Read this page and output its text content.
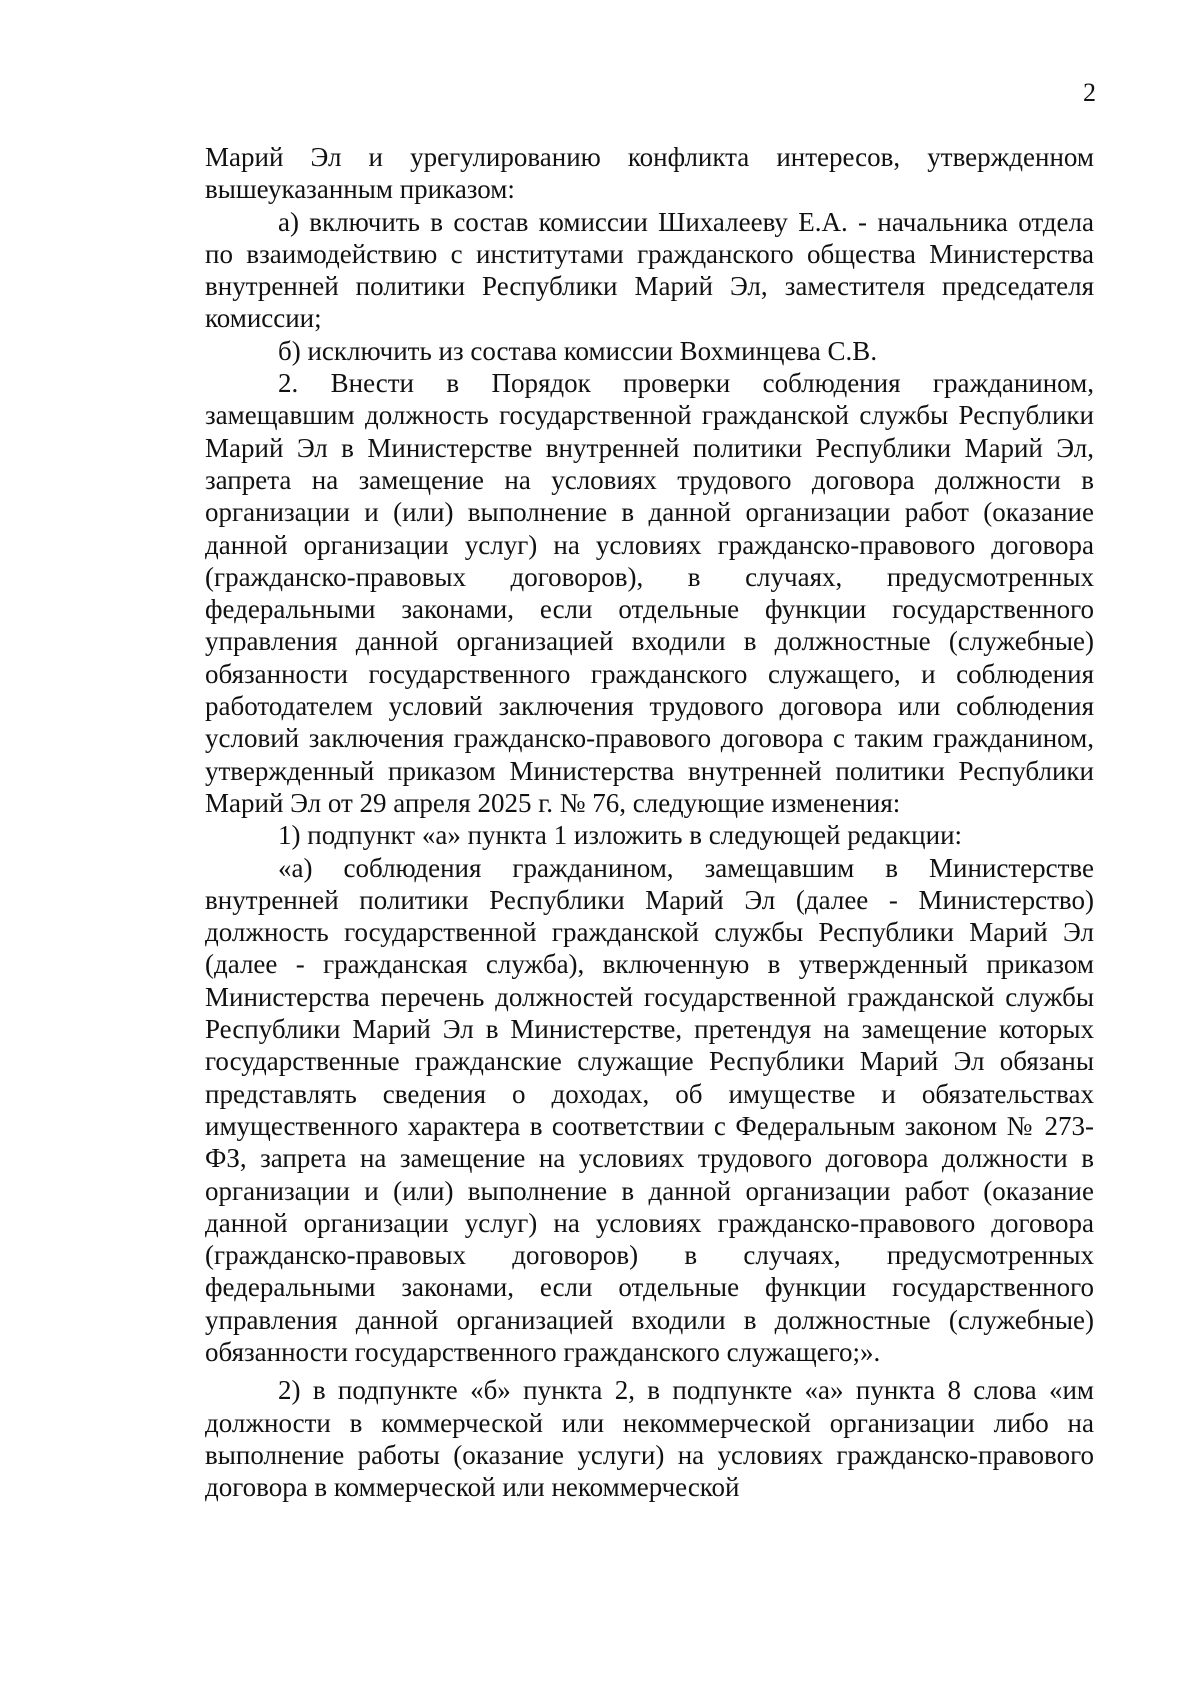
2

Марий Эл и урегулированию конфликта интересов, утвержденном вышеуказанным приказом:

а) включить в состав комиссии Шихалееву Е.А. - начальника отдела по взаимодействию с институтами гражданского общества Министерства внутренней политики Республики Марий Эл, заместителя председателя комиссии;

б) исключить из состава комиссии Вохминцева С.В.

2. Внести в Порядок проверки соблюдения гражданином, замещавшим должность государственной гражданской службы Республики Марий Эл в Министерстве внутренней политики Республики Марий Эл, запрета на замещение на условиях трудового договора должности в организации и (или) выполнение в данной организации работ (оказание данной организации услуг) на условиях гражданско-правового договора (гражданско-правовых договоров), в случаях, предусмотренных федеральными законами, если отдельные функции государственного управления данной организацией входили в должностные (служебные) обязанности государственного гражданского служащего, и соблюдения работодателем условий заключения трудового договора или соблюдения условий заключения гражданско-правового договора с таким гражданином, утвержденный приказом Министерства внутренней политики Республики Марий Эл от 29 апреля 2025 г. № 76, следующие изменения:

1) подпункт «а» пункта 1 изложить в следующей редакции:

«а) соблюдения гражданином, замещавшим в Министерстве внутренней политики Республики Марий Эл (далее - Министерство) должность государственной гражданской службы Республики Марий Эл (далее - гражданская служба), включенную в утвержденный приказом Министерства перечень должностей государственной гражданской службы Республики Марий Эл в Министерстве, претендуя на замещение которых государственные гражданские служащие Республики Марий Эл обязаны представлять сведения о доходах, об имуществе и обязательствах имущественного характера в соответствии с Федеральным законом № 273-ФЗ, запрета на замещение на условиях трудового договора должности в организации и (или) выполнение в данной организации работ (оказание данной организации услуг) на условиях гражданско-правового договора (гражданско-правовых договоров) в случаях, предусмотренных федеральными законами, если отдельные функции государственного управления данной организацией входили в должностные (служебные) обязанности государственного гражданского служащего;».

2) в подпункте «б» пункта 2, в подпункте «а» пункта 8 слова «им должности в коммерческой или некоммерческой организации либо на выполнение работы (оказание услуги) на условиях гражданско-правового договора в коммерческой или некоммерческой
